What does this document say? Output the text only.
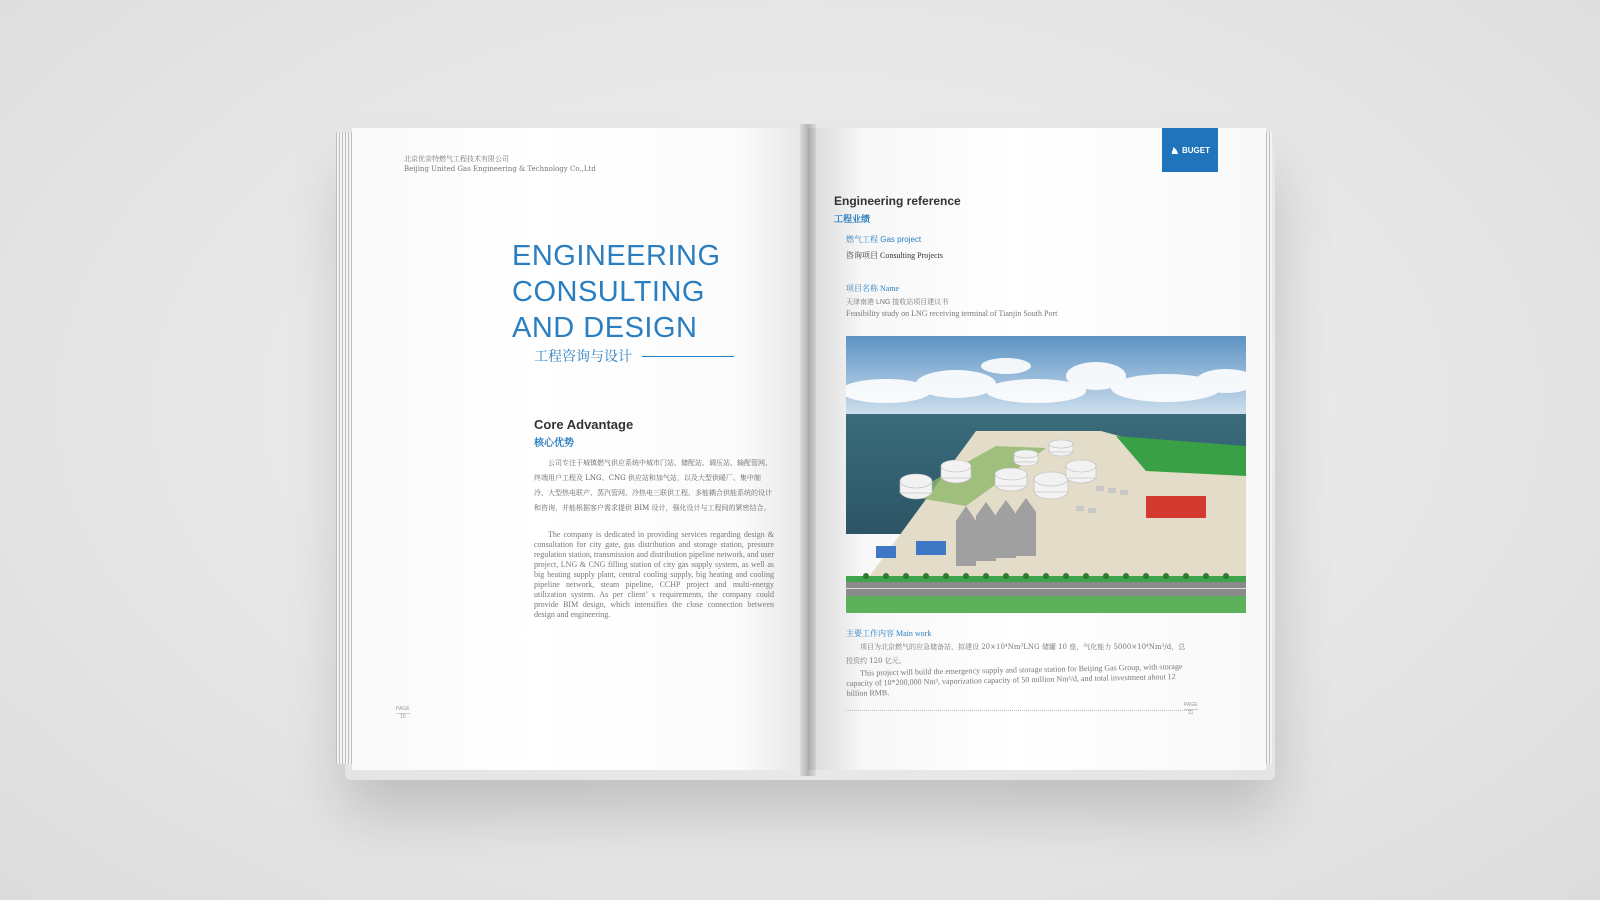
北京优奈特燃气工程技术有限公司
Beijing United Gas Engineering & Technology Co.,Ltd
ENGINEERING
CONSULTING
AND DESIGN
工程咨询与设计
Core Advantage
核心优势
公司专注于城镇燃气供应系统中城市门站、储配站、调压站、输配管网、终端用户工程及 LNG、CNG 供应站和加气站，以及大型供暖厂、集中制冷、大型热电联产、蒸汽管网、冷热电三联供工程、多能耦合供能系统的设计和咨询，并能根据客户需求提供 BIM 设计，强化设计与工程间的紧密结合。
The company is dedicated in providing services regarding design & consultation for city gate, gas distribution and storage station, pressure regulation station, transmission and distribution pipeline network, and user project, LNG & CNG filling station of city gas supply system, as well as big heating supply plant, central cooling supply, big heating and cooling pipeline network, steam pipeline, CCHP project and multi-energy utilization system. As per client’ s requirements, the company could provide BIM design, which intensifies the close connection between design and engineering.
PAGE
10
BUGET
Engineering reference
工程业绩
燃气工程 Gas project
咨询项目 Consulting Projects
项目名称 Name
天津南港 LNG 接收站项目建议书
Feasibility study on LNG receiving terminal of Tianjin South Port
主要工作内容 Main work
项目为北京燃气的应急储备站，拟建设 20×10⁴Nm³LNG 储罐 10 座，气化能力 5000×10⁴Nm³/d，总投资约 120 亿元。
This project will build the emergency supply and storage station for Beijing Gas Group, with storage capacity of 10*200,000 Nm³, vaporization capacity of 50 million Nm³/d, and total investment about 12 billion RMB.
PAGE
11
